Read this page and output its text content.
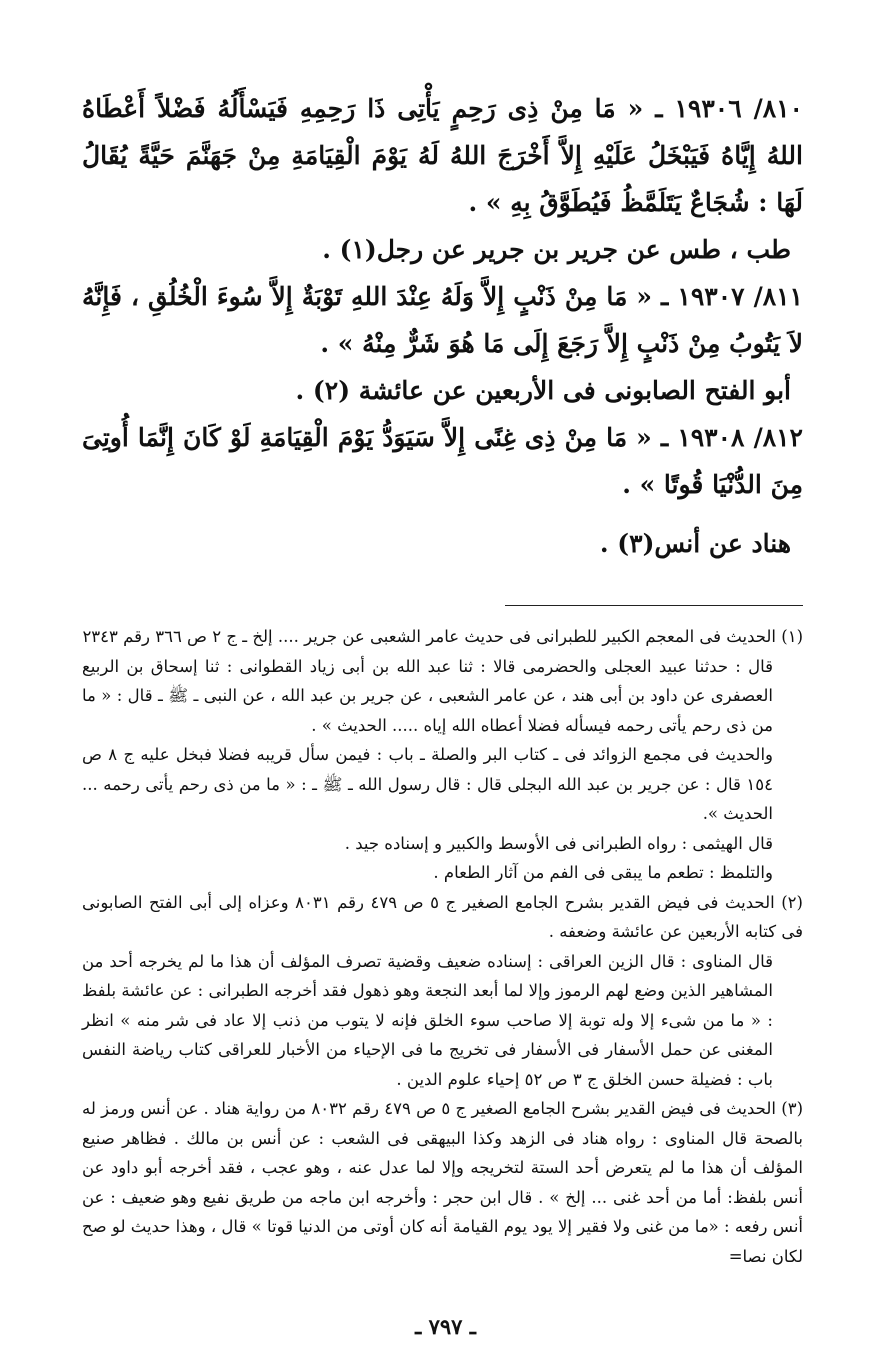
٨١٠/ ١٩٣٠٦ ـ « مَا مِنْ ذِى رَحِمٍ يَأْتِى ذَا رَحِمِهِ فَيَسْأَلُهُ فَضْلاً أَعْطَاهُ اللهُ إِيَّاهُ فَيَبْخَلُ عَلَيْهِ إِلاَّ أَخْرَجَ اللهُ لَهُ يَوْمَ الْقِيَامَةِ مِنْ جَهَنَّمَ حَيَّةً يُقَالُ لَهَا : شُجَاعٌ يَتَلَمَّظُ فَيُطَوَّقُ بِهِ » .

طب ، طس عن جرير بن جرير عن رجل(١) .

٨١١/ ١٩٣٠٧ ـ « مَا مِنْ ذَنْبٍ إِلاَّ وَلَهُ عِنْدَ اللهِ تَوْبَةٌ إِلاَّ سُوءَ الْخُلُقِ ، فَإِنَّهُ لاَ يَتُوبُ مِنْ ذَنْبٍ إِلاَّ رَجَعَ إِلَى مَا هُوَ شَرٌّ مِنْهُ » .

أبو الفتح الصابونى فى الأربعين عن عائشة (٢) .

٨١٢/ ١٩٣٠٨ ـ « مَا مِنْ ذِى غِنًى إِلاَّ سَيَوَدُّ يَوْمَ الْقِيَامَةِ لَوْ كَانَ إِنَّمَا أُوتِىَ مِنَ الدُّنْيَا قُوتًا » .

هناد عن أنس(٣) .

(١) الحديث فى المعجم الكبير للطبرانى فى حديث عامر الشعبى عن جرير .... إلخ ـ ج ٢ ص ٣٦٦ رقم ٢٣٤٣

قال : حدثنا عبيد العجلى والحضرمى قالا : ثنا عبد الله بن أبى زياد القطوانى : ثنا إسحاق بن الربيع العصفرى عن داود بن أبى هند ، عن عامر الشعبى ، عن جرير بن عبد الله ، عن النبى ـ ﷺ ـ قال : « ما من ذى رحم يأتى رحمه فيسأله فضلا أعطاه الله إياه ..... الحديث » .

والحديث فى مجمع الزوائد فى ـ كتاب البر والصلة ـ باب : فيمن سأل قريبه فضلا فبخل عليه ج ٨ ص ١٥٤ قال : عن جرير بن عبد الله البجلى قال : قال رسول الله ـ ﷺ ـ : « ما من ذى رحم يأتى رحمه ... الحديث ».

قال الهيثمى : رواه الطبرانى فى الأوسط والكبير و إسناده جيد .

والتلمظ : تطعم ما يبقى فى الفم من آثار الطعام .

(٢) الحديث فى فيض القدير بشرح الجامع الصغير ج ٥ ص ٤٧٩ رقم ٨٠٣١ وعزاه إلى أبى الفتح الصابونى فى كتابه الأربعين عن عائشة وضعفه .

قال المناوى : قال الزين العراقى : إسناده ضعيف وقضية تصرف المؤلف أن هذا ما لم يخرجه أحد من المشاهير الذين وضع لهم الرموز وإلا لما أبعد النجعة وهو ذهول فقد أخرجه الطبرانى : عن عائشة بلفظ : « ما من شىء إلا وله توبة إلا صاحب سوء الخلق فإنه لا يتوب من ذنب إلا عاد فى شر منه » انظر المغنى عن حمل الأسفار فى الأسفار فى تخريج ما فى الإحياء من الأخبار للعراقى كتاب رياضة النفس باب : فضيلة حسن الخلق ج ٣ ص ٥٢ إحياء علوم الدين .

(٣) الحديث فى فيض القدير بشرح الجامع الصغير ج ٥ ص ٤٧٩ رقم ٨٠٣٢ من رواية هناد . عن أنس ورمز له بالصحة قال المناوى : رواه هناد فى الزهد وكذا البيهقى فى الشعب : عن أنس بن مالك . فظاهر صنيع المؤلف أن هذا ما لم يتعرض أحد الستة لتخريجه وإلا لما عدل عنه ، وهو عجب ، فقد أخرجه أبو داود عن أنس بلفظ: أما من أحد غنى ... إلخ » . قال ابن حجر : وأخرجه ابن ماجه من طريق نفيع وهو ضعيف : عن أنس رفعه : «ما من غنى ولا فقير إلا يود يوم القيامة أنه كان أوتى من الدنيا قوتا » قال ، وهذا حديث لو صح لكان نصا=

ـ ٧٩٧ ـ
